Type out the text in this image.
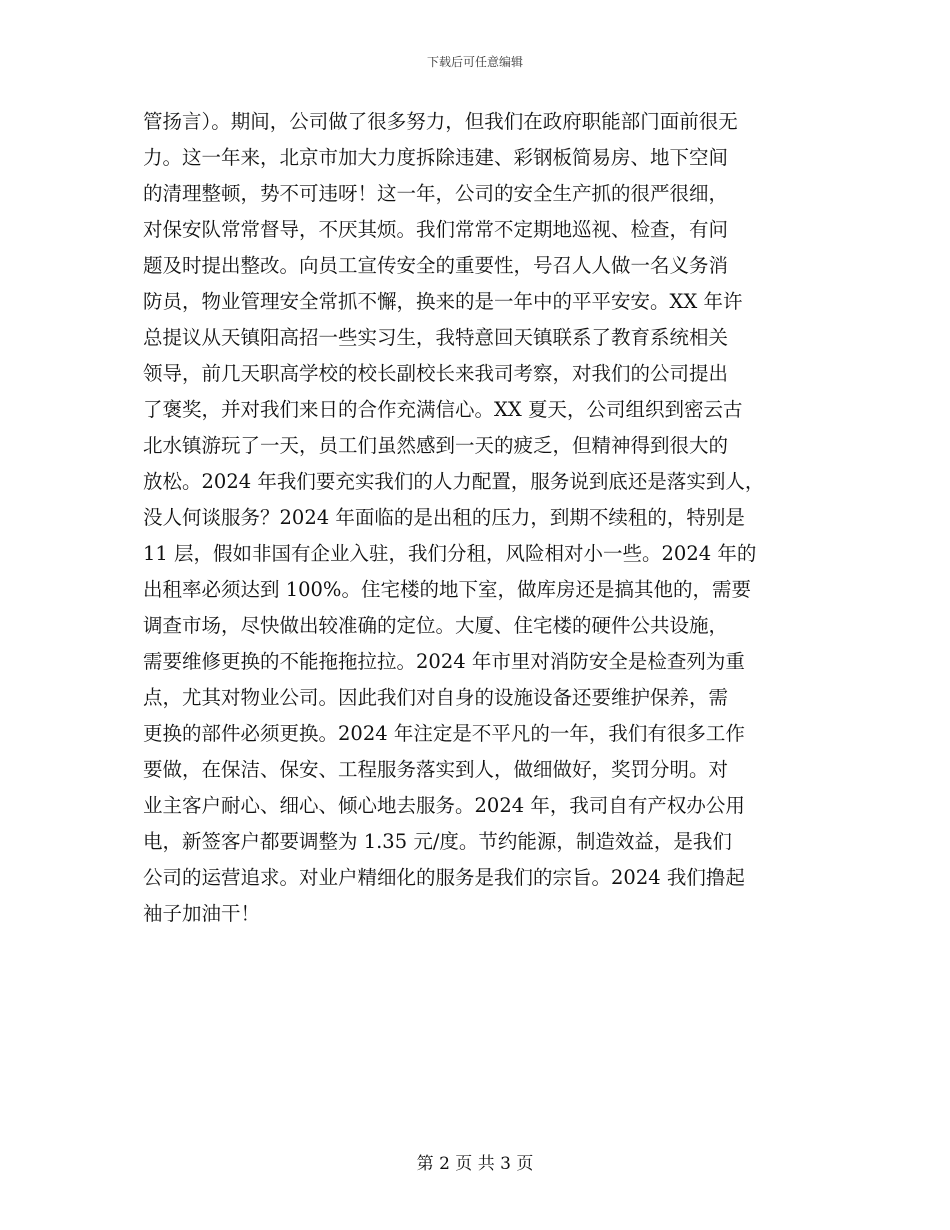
下载后可任意编辑
管扬言）。期间，公司做了很多努力，但我们在政府职能部门面前很无
力。这一年来，北京市加大力度拆除违建、彩钢板简易房、地下空间
的清理整顿，势不可违呀！这一年，公司的安全生产抓的很严很细，
对保安队常常督导，不厌其烦。我们常常不定期地巡视、检查，有问
题及时提出整改。向员工宣传安全的重要性，号召人人做一名义务消
防员，物业管理安全常抓不懈，换来的是一年中的平平安安。XX 年许
总提议从天镇阳高招一些实习生，我特意回天镇联系了教育系统相关
领导，前几天职高学校的校长副校长来我司考察，对我们的公司提出
了褒奖，并对我们来日的合作充满信心。XX 夏天，公司组织到密云古
北水镇游玩了一天，员工们虽然感到一天的疲乏，但精神得到很大的
放松。2024 年我们要充实我们的人力配置，服务说到底还是落实到人，
没人何谈服务？2024 年面临的是出租的压力，到期不续租的，特别是
11 层，假如非国有企业入驻，我们分租，风险相对小一些。2024 年的
出租率必须达到 100%。住宅楼的地下室，做库房还是搞其他的，需要
调查市场，尽快做出较准确的定位。大厦、住宅楼的硬件公共设施，
需要维修更换的不能拖拖拉拉。2024 年市里对消防安全是检查列为重
点，尤其对物业公司。因此我们对自身的设施设备还要维护保养，需
更换的部件必须更换。2024 年注定是不平凡的一年，我们有很多工作
要做，在保洁、保安、工程服务落实到人，做细做好，奖罚分明。对
业主客户耐心、细心、倾心地去服务。2024 年，我司自有产权办公用
电，新签客户都要调整为 1.35 元/度。节约能源，制造效益，是我们
公司的运营追求。对业户精细化的服务是我们的宗旨。2024 我们撸起
袖子加油干！
第 2 页 共 3 页
